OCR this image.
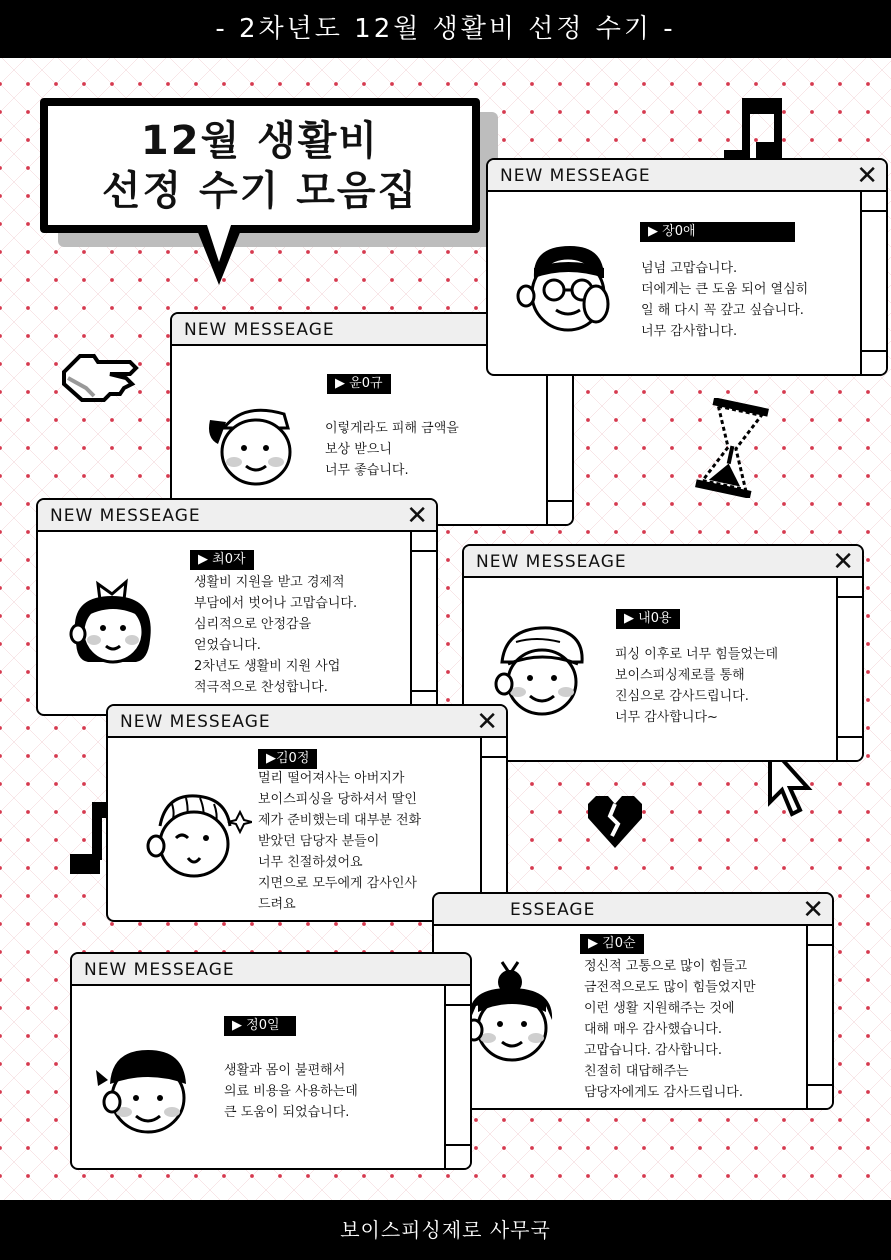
- 2차년도 12월 생활비 선정 수기 -
12월 생활비
선정 수기 모음집
NEW MESSEAGE
▶ 윤0규
이렇게라도 피해 금액을
보상 받으니
너무 좋습니다.
NEW MESSEAGE	✕
▶ 장0애
넘넘 고맙습니다.
더에게는 큰 도움 되어 열심히
일 해 다시 꼭 갚고 싶습니다.
너무 감사합니다.
NEW MESSEAGE	✕
▶ 최0자
생활비 지원을 받고 경제적
부담에서 벗어나 고맙습니다.
심리적으로 안정감을
얻었습니다.
2차년도 생활비 지원 사업
적극적으로 찬성합니다.
NEW MESSEAGE	✕
▶ 내0용
피싱 이후로 너무 힘들었는데
보이스피싱제로를 통해
진심으로 감사드립니다.
너무 감사합니다~
NEW MESSEAGE	✕
▶김0정
멀리 떨어져사는 아버지가
보이스피싱을 당하셔서 딸인
제가 준비했는데 대부분 전화
받았던 담당자 분들이
너무 친절하셨어요
지면으로 모두에게 감사인사
드려요	ESSEAGE	✕
▶ 김0순
정신적 고통으로 많이 힘들고
금전적으로도 많이 힘들었지만
이런 생활 지원해주는 것에
대해 매우 감사했습니다.
고맙습니다. 감사합니다.
친절히 대답해주는
담당자에게도 감사드립니다.
NEW MESSEAGE
▶ 정0일
생활과 몸이 불편해서
의료 비용을 사용하는데
큰 도움이 되었습니다.
보이스피싱제로 사무국
